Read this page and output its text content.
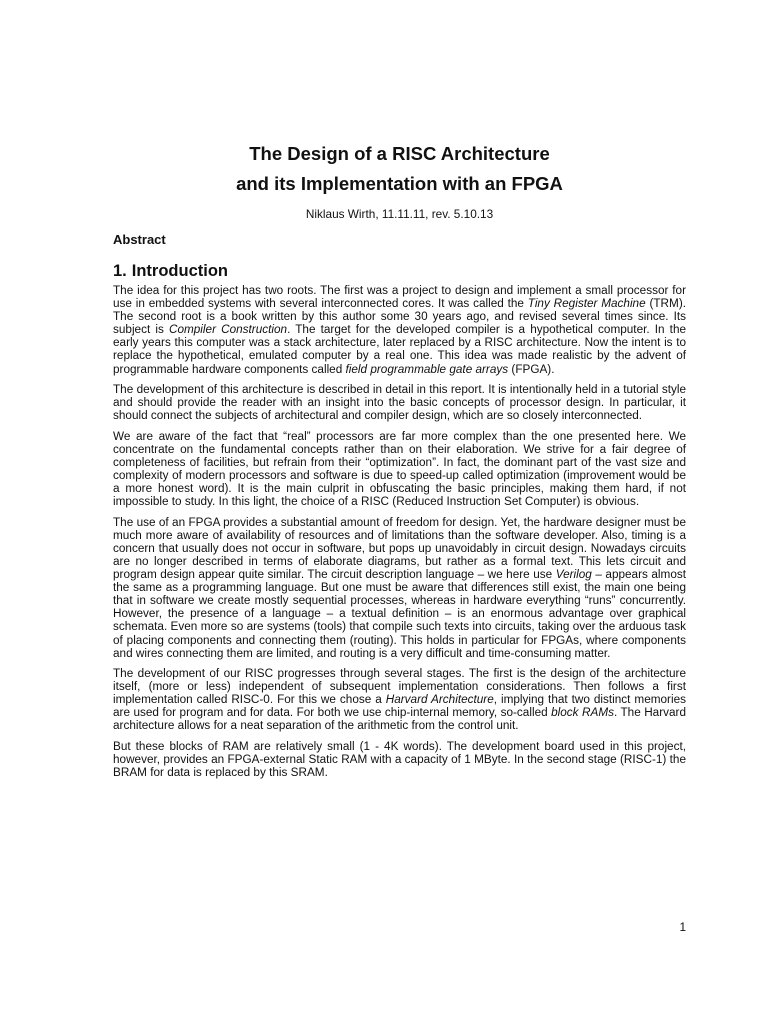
The Design of a RISC Architecture
and its Implementation with an FPGA
Niklaus Wirth, 11.11.11, rev. 5.10.13
Abstract
1. Introduction

The idea for this project has two roots. The first was a project to design and implement a small processor for use in embedded systems with several interconnected cores. It was called the Tiny Register Machine (TRM). The second root is a book written by this author some 30 years ago, and revised several times since. Its subject is Compiler Construction. The target for the developed compiler is a hypothetical computer. In the early years this computer was a stack architecture, later replaced by a RISC architecture. Now the intent is to replace the hypothetical, emulated computer by a real one. This idea was made realistic by the advent of programmable hardware components called field programmable gate arrays (FPGA).

The development of this architecture is described in detail in this report. It is intentionally held in a tutorial style and should provide the reader with an insight into the basic concepts of processor design. In particular, it should connect the subjects of architectural and compiler design, which are so closely interconnected.

We are aware of the fact that “real” processors are far more complex than the one presented here. We concentrate on the fundamental concepts rather than on their elaboration. We strive for a fair degree of completeness of facilities, but refrain from their “optimization”. In fact, the dominant part of the vast size and complexity of modern processors and software is due to speed-up called optimization (improvement would be a more honest word). It is the main culprit in obfuscating the basic principles, making them hard, if not impossible to study. In this light, the choice of a RISC (Reduced Instruction Set Computer) is obvious.

The use of an FPGA provides a substantial amount of freedom for design. Yet, the hardware designer must be much more aware of availability of resources and of limitations than the software developer. Also, timing is a concern that usually does not occur in software, but pops up unavoidably in circuit design. Nowadays circuits are no longer described in terms of elaborate diagrams, but rather as a formal text. This lets circuit and program design appear quite similar. The circuit description language – we here use Verilog – appears almost the same as a programming language. But one must be aware that differences still exist, the main one being that in software we create mostly sequential processes, whereas in hardware everything “runs” concurrently. However, the presence of a language – a textual definition – is an enormous advantage over graphical schemata. Even more so are systems (tools) that compile such texts into circuits, taking over the arduous task of placing components and connecting them (routing). This holds in particular for FPGAs, where components and wires connecting them are limited, and routing is a very difficult and time-consuming matter.

The development of our RISC progresses through several stages. The first is the design of the architecture itself, (more or less) independent of subsequent implementation considerations. Then follows a first implementation called RISC-0. For this we chose a Harvard Architecture, implying that two distinct memories are used for program and for data. For both we use chip-internal memory, so-called block RAMs. The Harvard architecture allows for a neat separation of the arithmetic from the control unit.

But these blocks of RAM are relatively small (1 - 4K words). The development board used in this project, however, provides an FPGA-external Static RAM with a capacity of 1 MByte. In the second stage (RISC-1) the BRAM for data is replaced by this SRAM.

1
